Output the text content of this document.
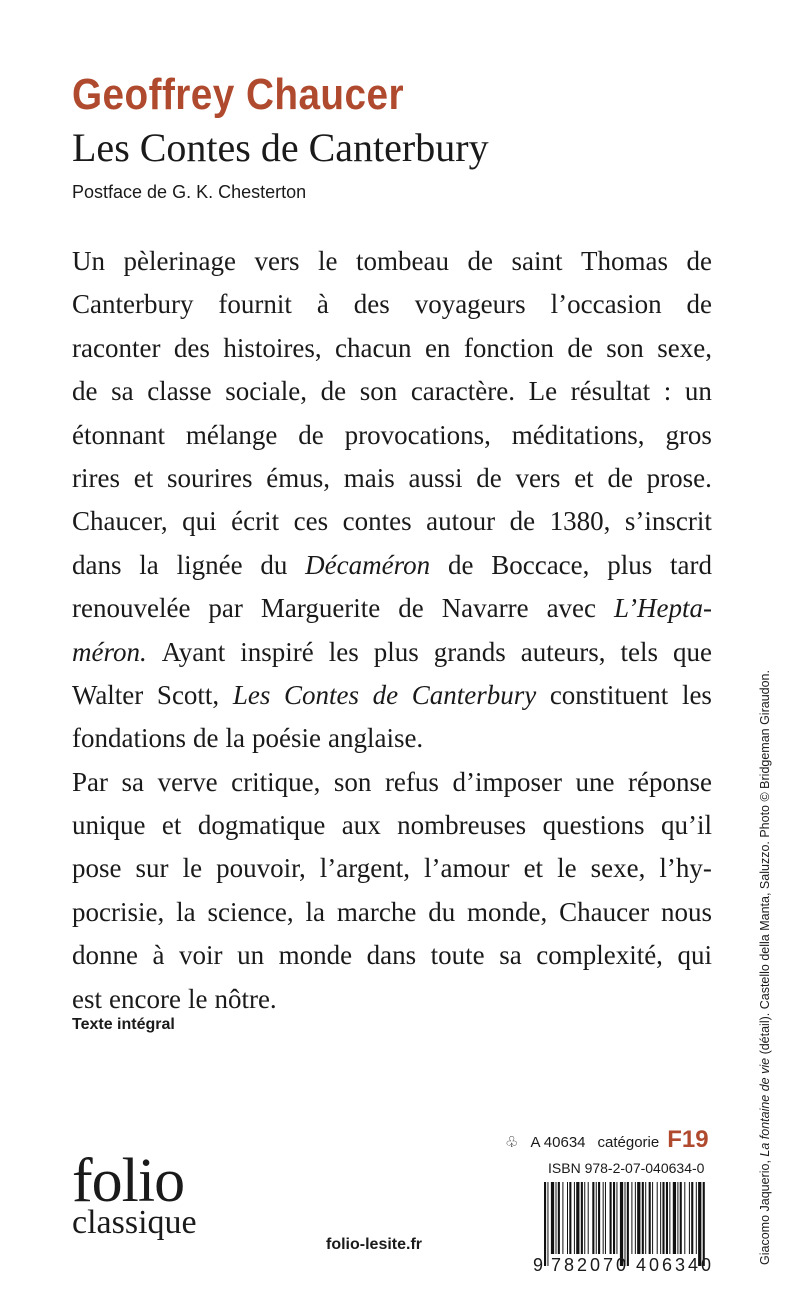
Geoffrey Chaucer
Les Contes de Canterbury
Postface de G. K. Chesterton
Un pèlerinage vers le tombeau de saint Thomas de
Canterbury fournit à des voyageurs l’occasion de
raconter des histoires, chacun en fonction de son sexe,
de sa classe sociale, de son caractère. Le résultat : un
étonnant mélange de provocations, méditations, gros
rires et sourires émus, mais aussi de vers et de prose.
Chaucer, qui écrit ces contes autour de 1380, s’inscrit
dans la lignée du Décaméron de Boccace, plus tard
renouvelée par Marguerite de Navarre avec L’Hepta-
méron. Ayant inspiré les plus grands auteurs, tels que
Walter Scott, Les Contes de Canterbury constituent les
fondations de la poésie anglaise.
Par sa verve critique, son refus d’imposer une réponse
unique et dogmatique aux nombreuses questions qu’il
pose sur le pouvoir, l’argent, l’amour et le sexe, l’hy-
pocrisie, la science, la marche du monde, Chaucer nous
donne à voir un monde dans toute sa complexité, qui
est encore le nôtre.
Texte intégral
folio
classique
folio-lesite.fr
♧ A 40634 catégorie F19
ISBN 978-2-07-040634-0
9 782070 406340	Giacomo Jaquerio, La fontaine de vie (détail). Castello della Manta, Saluzzo. Photo © Bridgeman Giraudon.
